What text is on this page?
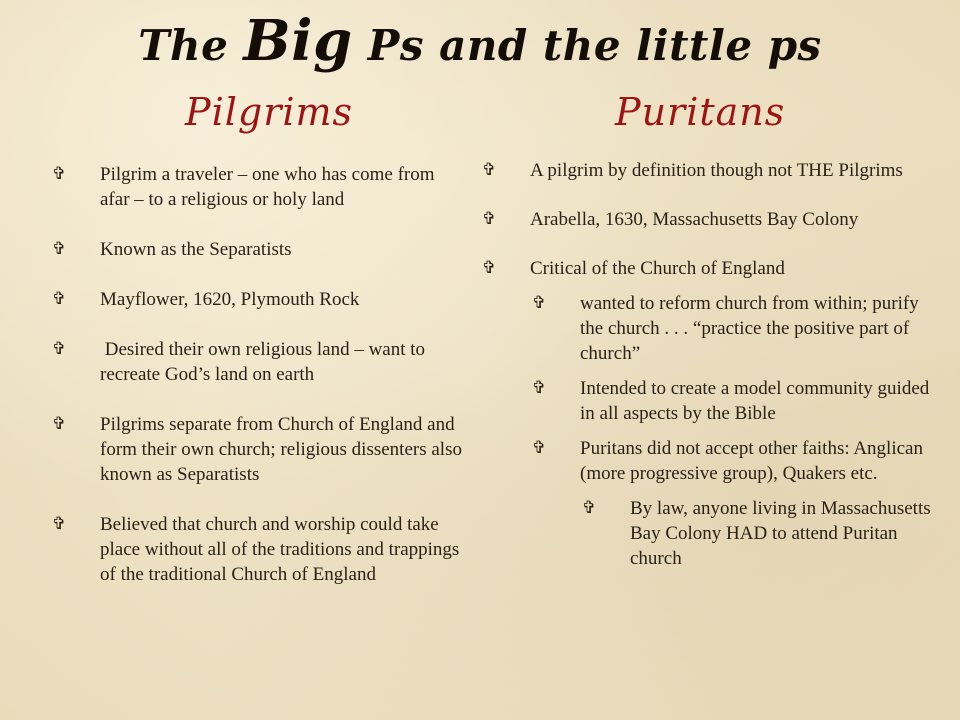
The Big Ps and the little ps
Pilgrims	Puritans
✞ Pilgrim a traveler – one who has come from afar – to a religious or holy land
✞ Known as the Separatists
✞ Mayflower, 1620, Plymouth Rock
✞ Desired their own religious land – want to recreate God’s land on earth
✞ Pilgrims separate from Church of England and form their own church; religious dissenters also known as Separatists
✞ Believed that church and worship could take place without all of the traditions and trappings of the traditional Church of England
✞ A pilgrim by definition though not THE Pilgrims
✞ Arabella, 1630, Massachusetts Bay Colony
✞ Critical of the Church of England
✞ wanted to reform church from within; purify the church . . . “practice the positive part of church”
✞ Intended to create a model community guided in all aspects by the Bible
✞ Puritans did not accept other faiths: Anglican (more progressive group), Quakers etc.
✞ By law, anyone living in Massachusetts Bay Colony HAD to attend Puritan church
